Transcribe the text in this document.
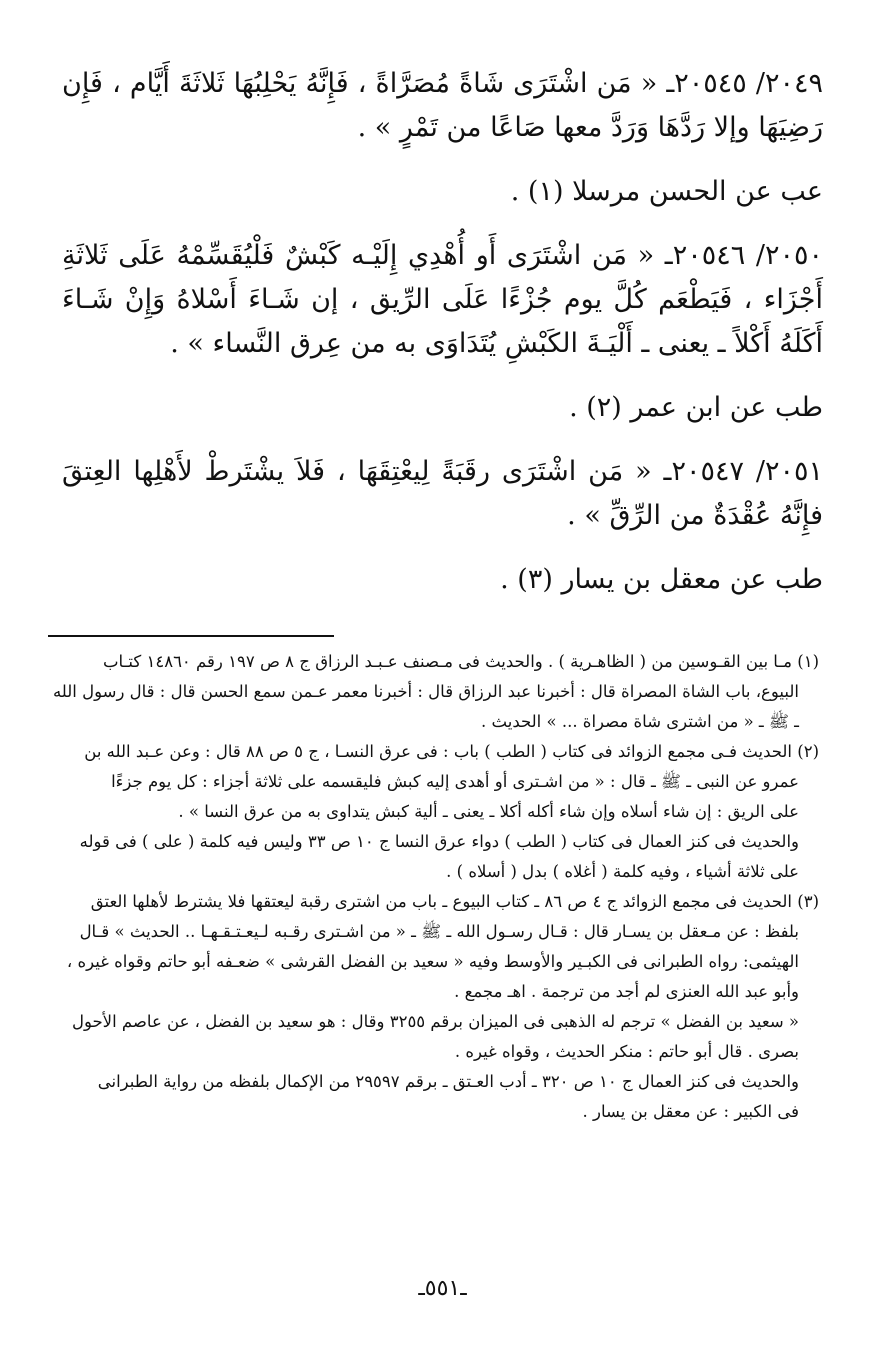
٢٠٤٩/ ٢٠٥٤٥ـ « مَن اشْتَرَى شَاةً مُصَرَّاةً ، فَإِنَّهُ يَحْلِبُهَا ثَلاثَةَ أَيَّام ، فَإِن رَضِيَهَا وإلا رَدَّهَا وَرَدَّ معها صَاعًا من تَمْرٍ » .

عب عن الحسن مرسلا (١) .

٢٠٥٠/ ٢٠٥٤٦ـ « مَن اشْتَرَى أَو أُهْدِي إِلَيْـه كَبْشٌ فَلْيُقَسِّمْهُ عَلَى ثَلاثَةِ أَجْزَاء ، فَيَطْعَم كُلَّ يوم جُزْءًا عَلَى الرِّيق ، إن شَـاءَ أَسْلاهُ وَإِنْ شَـاءَ أَكَلَهُ أَكْلاً ـ يعنى ـ أَلْيَـةَ الكَبْشِ يُتَدَاوَى به من عِرق النَّساء » .

طب عن ابن عمر (٢) .

٢٠٥١/ ٢٠٥٤٧ـ « مَن اشْتَرَى رقَبَةً لِيعْتِقَهَا ، فَلاَ يشْتَرطْ لأَهْلِها العِتقَ فإِنَّهُ عُقْدَةٌ من الرِّقِّ » .

طب عن معقل بن يسار (٣) .

(١) مـا بين القـوسين من ( الظاهـرية ) . والحديث فى مـصنف عـبـد الرزاق ج ٨ ص ١٩٧ رقم ١٤٨٦٠ كتـاب

البيوع، باب الشاة المصراة قال : أخبرنا عبد الرزاق قال : أخبرنا معمر عـمن سمع الحسن قال : قال رسول الله

ـ ﷺ ـ « من اشترى شاة مصراة ... » الحديث .

(٢) الحديث فـى مجمع الزوائد فى كتاب ( الطب ) باب : فى عرق النسـا ، ج ٥ ص ٨٨ قال : وعن عـبد الله بن

عمرو عن النبى ـ ﷺ ـ قال : « من اشـترى أو أهدى إليه كبش فليقسمه على ثلاثة أجزاء : كل يوم جزءًا

على الريق : إن شاء أسلاه وإن شاء أكله أكلا ـ يعنى ـ ألية كبش يتداوى به من عرق النسا » .

والحديث فى كنز العمال فى كتاب ( الطب ) دواء عرق النسا ج ١٠ ص ٣٣ وليس فيه كلمة ( على ) فى قوله

على ثلاثة أشياء ، وفيه كلمة ( أغلاه ) بدل ( أسلاه ) .

(٣) الحديث فى مجمع الزوائد ج ٤ ص ٨٦ ـ كتاب البيوع ـ باب من اشترى رقبة ليعتقها فلا يشترط لأهلها العتق

بلفظ : عن مـعقل بن يسـار قال : قـال رسـول الله ـ ﷺ ـ « من اشـترى رقـبه لـيعـتـقـهـا .. الحديث » قـال

الهيثمى: رواه الطبرانى فى الكبـير والأوسط وفيه « سعيد بن الفضل القرشى » ضعـفه أبو حاتم وقواه غيره ،

وأبو عبد الله العنزى لم أجد من ترجمة . اهـ مجمع .

« سعيد بن الفضل » ترجم له الذهبى فى الميزان برقم ٣٢٥٥ وقال : هو سعيد بن الفضل ، عن عاصم الأحول

بصرى . قال أبو حاتم : منكر الحديث ، وقواه غيره .

والحديث فى كنز العمال ج ١٠ ص ٣٢٠ ـ أدب العـتق ـ برقم ٢٩٥٩٧ من الإكمال بلفظه من رواية الطبرانى

فى الكبير : عن معقل بن يسار .

ـ٥٥١ـ
